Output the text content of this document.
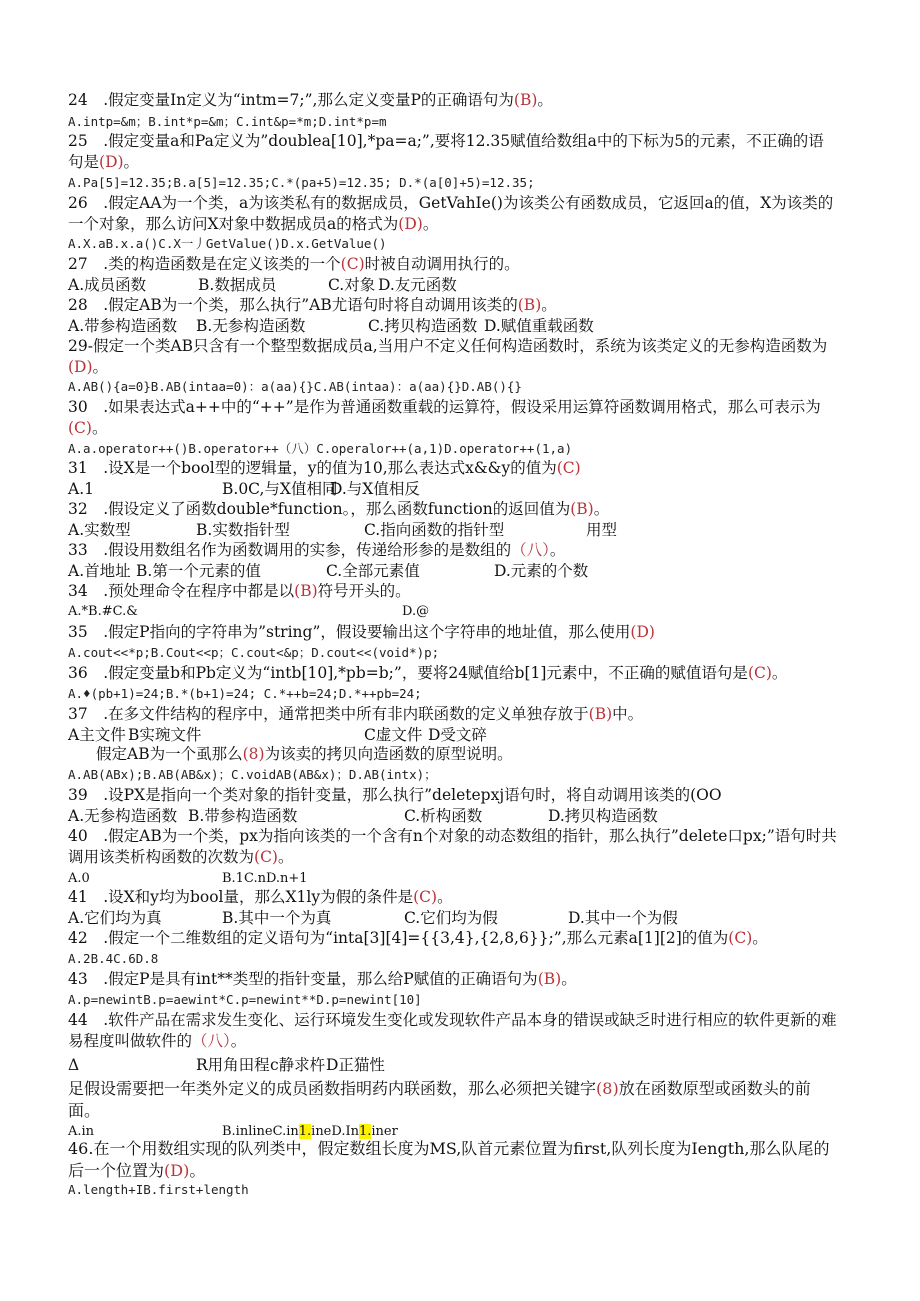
24　.假定变量In定义为“intm=7;”,那么定义变量P的正确语句为(B)。
A.intp=&m；B.int*p=&m；C.int&p=*m;D.int*p=m
25　.假定变量a和Pa定义为”doublea[10],*pa=a;”,要将12.35赋值给数组a中的下标为5的元素，不正确的语句是(D)。
A.Pa[5]=12.35;B.a[5]=12.35;C.*(pa+5)=12.35; D.*(a[0]+5)=12.35;
26　.假定AA为一个类，a为该类私有的数据成员，GetVahIe()为该类公有函数成员，它返回a的值，X为该类的一个对象，那么访问X对象中数据成员a的格式为(D)。
A.X.aB.x.a()C.X一丿GetValue()D.x.GetValue()
27　.类的构造函数是在定义该类的一个(C)时被自动调用执行的。
A.成员函数	B.数据成员	C.对象 D.友元函数
28　.假定AB为一个类，那么执行”AB尤语句时将自动调用该类的(B)。
A.带参构造函数 B.无参构造函数	C.拷贝构造函数 D.赋值重载函数
29-假定一个类AB只含有一个整型数据成员a,当用户不定义任何构造函数时，系统为该类定义的无参构造函数为(D)。
A.AB(){a=0}B.AB(intaa=0)：a(aa){}C.AB(intaa)：a(aa){}D.AB(){}
30　.如果表达式a++中的“++”是作为普通函数重载的运算符，假设采用运算符函数调用格式，那么可表示为(C)。
A.a.operator++()B.operator++（八）C.operalor++(a,1)D.operator++(1,a)
31　.设X是一个bool型的逻辑量，y的值为10,那么表达式x&&y的值为(C)
A.1	B.0C,与X值相同
D.与X值相反
32　.假设定义了函数double*function。，那么函数function的返回值为(B)。
A.实数型	B.实数指针型	C.指向函数的指针型	用型
33　.假设用数组名作为函数调用的实参，传递给形参的是数组的（八）。
A.首地址 B.第一个元素的值	C.全部元素值	D.元素的个数
34　.预处理命令在程序中都是以(B)符号开头的。
A.*B.#C.&	D.@
35　.假定P指向的字符串为”string”，假设要输出这个字符串的地址值，那么使用(D)
A.cout<<*p;B.Cout<<p；C.cout<&p；D.cout<<(void*)p;
36　.假定变量b和Pb定义为“intb[10],*pb=b;”，要将24赋值给b[1]元素中，不正确的赋值语句是(C)。
A.♦(pb+1)=24;B.*(b+1)=24; C.*++b=24;D.*++pb=24;
37　.在多文件结构的程序中，通常把类中所有非内联函数的定义单独存放于(B)中。
A主文件 B实琬文件	C虚文件 D受文碎
假定AB为一个虱那么(8)为该卖的拷贝向造函数的原型说明。
A.AB(ABx);B.AB(AB&x)；C.voidAB(AB&x)；D.AB(intx)；
39　.设PX是指向一个类对象的指针变量，那么执行”deletepxj语句时，将自动调用该类的(OO
A.无参构造函数 B.带参构造函数	C.析构函数	D.拷贝构造函数
40　.假定AB为一个类，px为指向该类的一个含有n个对象的动态数组的指针，那么执行”delete口px;”语句时共调用该类析构函数的次数为(C)。
A.0	B.1C.nD.n+1
41　.设X和y均为bool量，那么X1ly为假的条件是(C)。
A.它们均为真	B.其中一个为真	C.它们均为假	D.其中一个为假
42　.假定一个二维数组的定义语句为“inta[3][4]={{3,4},{2,8,6}};”,那么元素a[1][2]的值为(C)。
A.2B.4C.6D.8
43　.假定P是具有int**类型的指针变量，那么给P赋值的正确语句为(B)。
A.p=newintB.p=aewint*C.p=newint**D.p=newint[10]
44　.软件产品在需求发生变化、运行环境发生变化或发现软件产品本身的错误或缺乏时进行相应的软件更新的难易程度叫做软件的（八）。
Δ	R用角田程 c静求杵 D正猫性
足假设需要把一年类外定义的成员函数指明药内联函数，那么必须把关键字(8)放在函数原型或函数头的前面。
A.in	B.inlineC.in1.ineD.In1.iner
46.在一个用数组实现的队列类中，假定数组长度为MS,队首元素位置为first,队列长度为Iength,那么队尾的后一个位置为(D)。
A.length+IB.first+length
